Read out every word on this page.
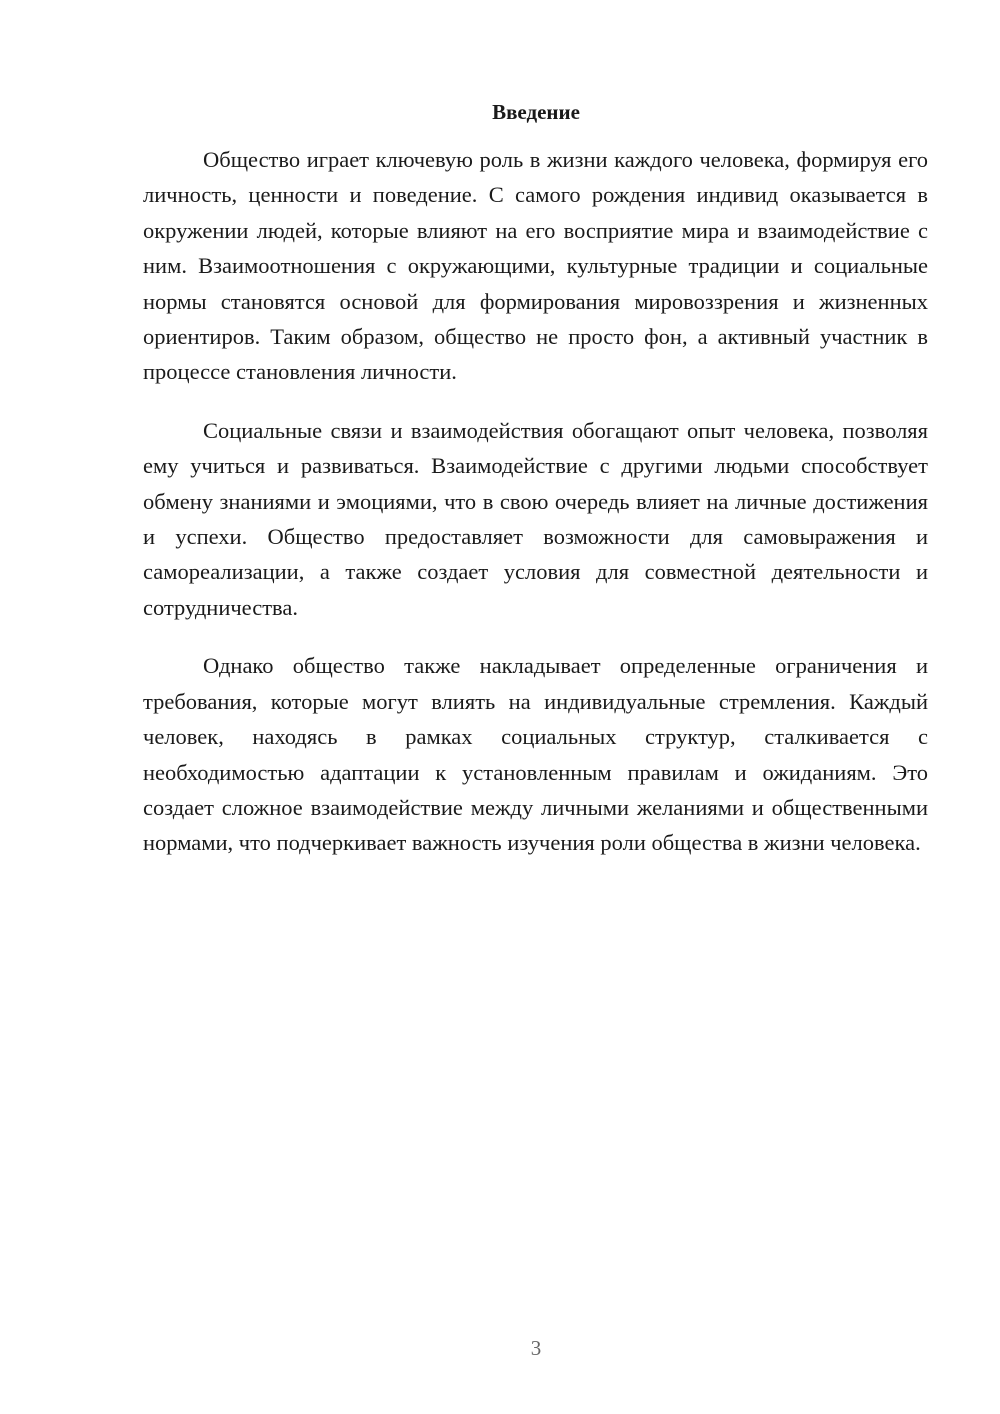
Введение

Общество играет ключевую роль в жизни каждого человека, формируя его личность, ценности и поведение. С самого рождения индивид оказывается в окружении людей, которые влияют на его восприятие мира и взаимодействие с ним. Взаимоотношения с окружающими, культурные традиции и социальные нормы становятся основой для формирования мировоззрения и жизненных ориентиров. Таким образом, общество не просто фон, а активный участник в процессе становления личности.

Социальные связи и взаимодействия обогащают опыт человека, позволяя ему учиться и развиваться. Взаимодействие с другими людьми способствует обмену знаниями и эмоциями, что в свою очередь влияет на личные достижения и успехи. Общество предоставляет возможности для самовыражения и самореализации, а также создает условия для совместной деятельности и сотрудничества.

Однако общество также накладывает определенные ограничения и требования, которые могут влиять на индивидуальные стремления. Каждый человек, находясь в рамках социальных структур, сталкивается с необходимостью адаптации к установленным правилам и ожиданиям. Это создает сложное взаимодействие между личными желаниями и общественными нормами, что подчеркивает важность изучения роли общества в жизни человека.

3
